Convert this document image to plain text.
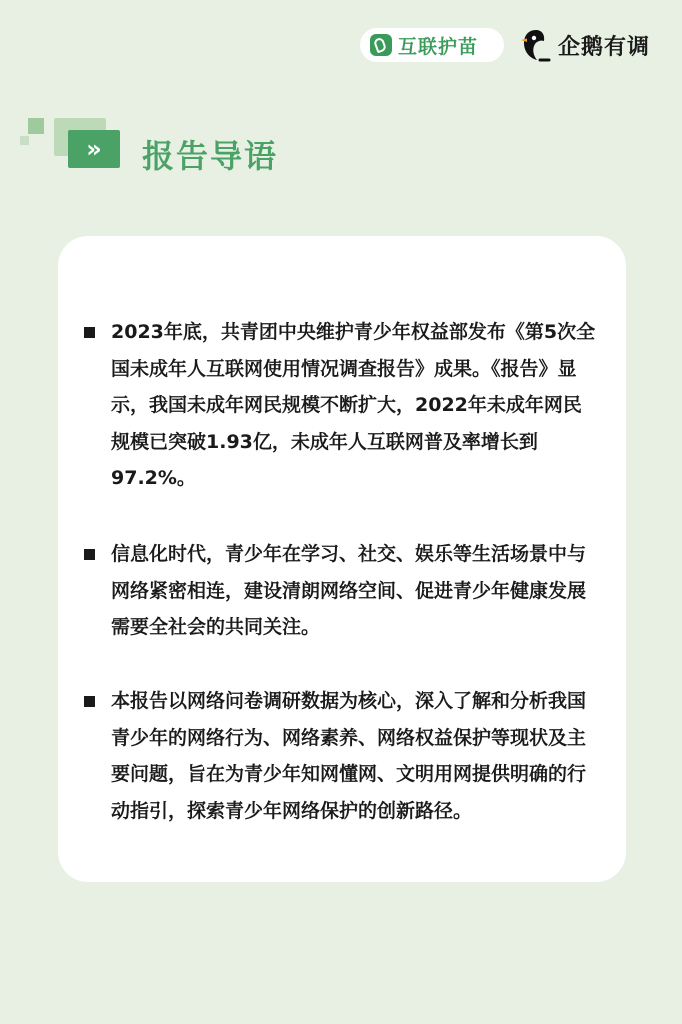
互联护苗	企鹅有调
»	报告导语
2023年底，共青团中央维护青少年权益部发布《第5次全国未成年人互联网使用情况调查报告》成果。《报告》显示，我国未成年网民规模不断扩大，2022年未成年网民规模已突破1.93亿，未成年人互联网普及率增长到97.2%。
信息化时代，青少年在学习、社交、娱乐等生活场景中与网络紧密相连，建设清朗网络空间、促进青少年健康发展需要全社会的共同关注。
本报告以网络问卷调研数据为核心，深入了解和分析我国青少年的网络行为、网络素养、网络权益保护等现状及主要问题，旨在为青少年知网懂网、文明用网提供明确的行动指引，探索青少年网络保护的创新路径。
